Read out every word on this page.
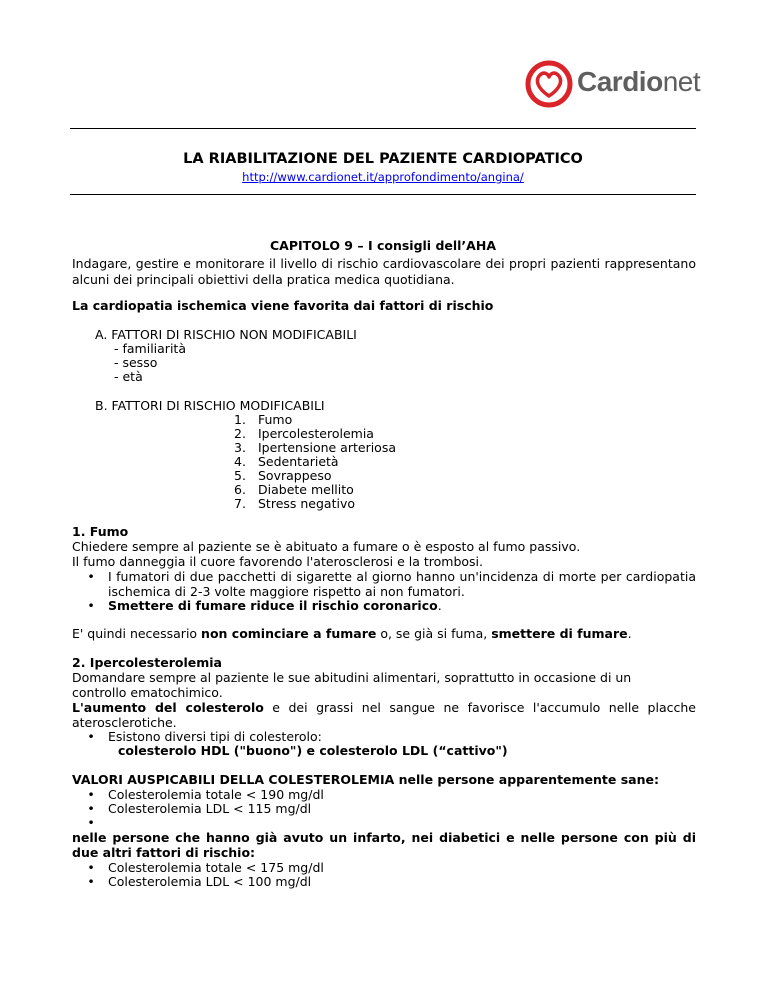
Cardionet
LA RIABILITAZIONE DEL PAZIENTE CARDIOPATICO
http://www.cardionet.it/approfondimento/angina/
CAPITOLO 9 – I consigli dell’AHA
Indagare, gestire e monitorare il livello di rischio cardiovascolare dei propri pazienti rappresentano alcuni dei principali obiettivi della pratica medica quotidiana.
La cardiopatia ischemica viene favorita dai fattori di rischio
A. FATTORI DI RISCHIO NON MODIFICABILI
- familiarità
- sesso
- età
B. FATTORI DI RISCHIO MODIFICABILI
1. Fumo
2. Ipercolesterolemia
3. Ipertensione arteriosa
4. Sedentarietà
5. Sovrappeso
6. Diabete mellito
7. Stress negativo
1. Fumo
Chiedere sempre al paziente se è abituato a fumare o è esposto al fumo passivo.
Il fumo danneggia il cuore favorendo l'aterosclerosi e la trombosi.
• I fumatori di due pacchetti di sigarette al giorno hanno un'incidenza di morte per cardiopatia ischemica di 2-3 volte maggiore rispetto ai non fumatori.
• Smettere di fumare riduce il rischio coronarico.
E' quindi necessario non cominciare a fumare o, se già si fuma, smettere di fumare.
2. Ipercolesterolemia
Domandare sempre al paziente le sue abitudini alimentari, soprattutto in occasione di un controllo ematochimico.
L'aumento del colesterolo e dei grassi nel sangue ne favorisce l'accumulo nelle placche aterosclerotiche.
• Esistono diversi tipi di colesterolo:
colesterolo HDL ("buono") e colesterolo LDL (“cattivo")
VALORI AUSPICABILI DELLA COLESTEROLEMIA nelle persone apparentemente sane:
• Colesterolemia totale < 190 mg/dl
• Colesterolemia LDL < 115 mg/dl
•
nelle persone che hanno già avuto un infarto, nei diabetici e nelle persone con più di due altri fattori di rischio:
• Colesterolemia totale < 175 mg/dl
• Colesterolemia LDL < 100 mg/dl
